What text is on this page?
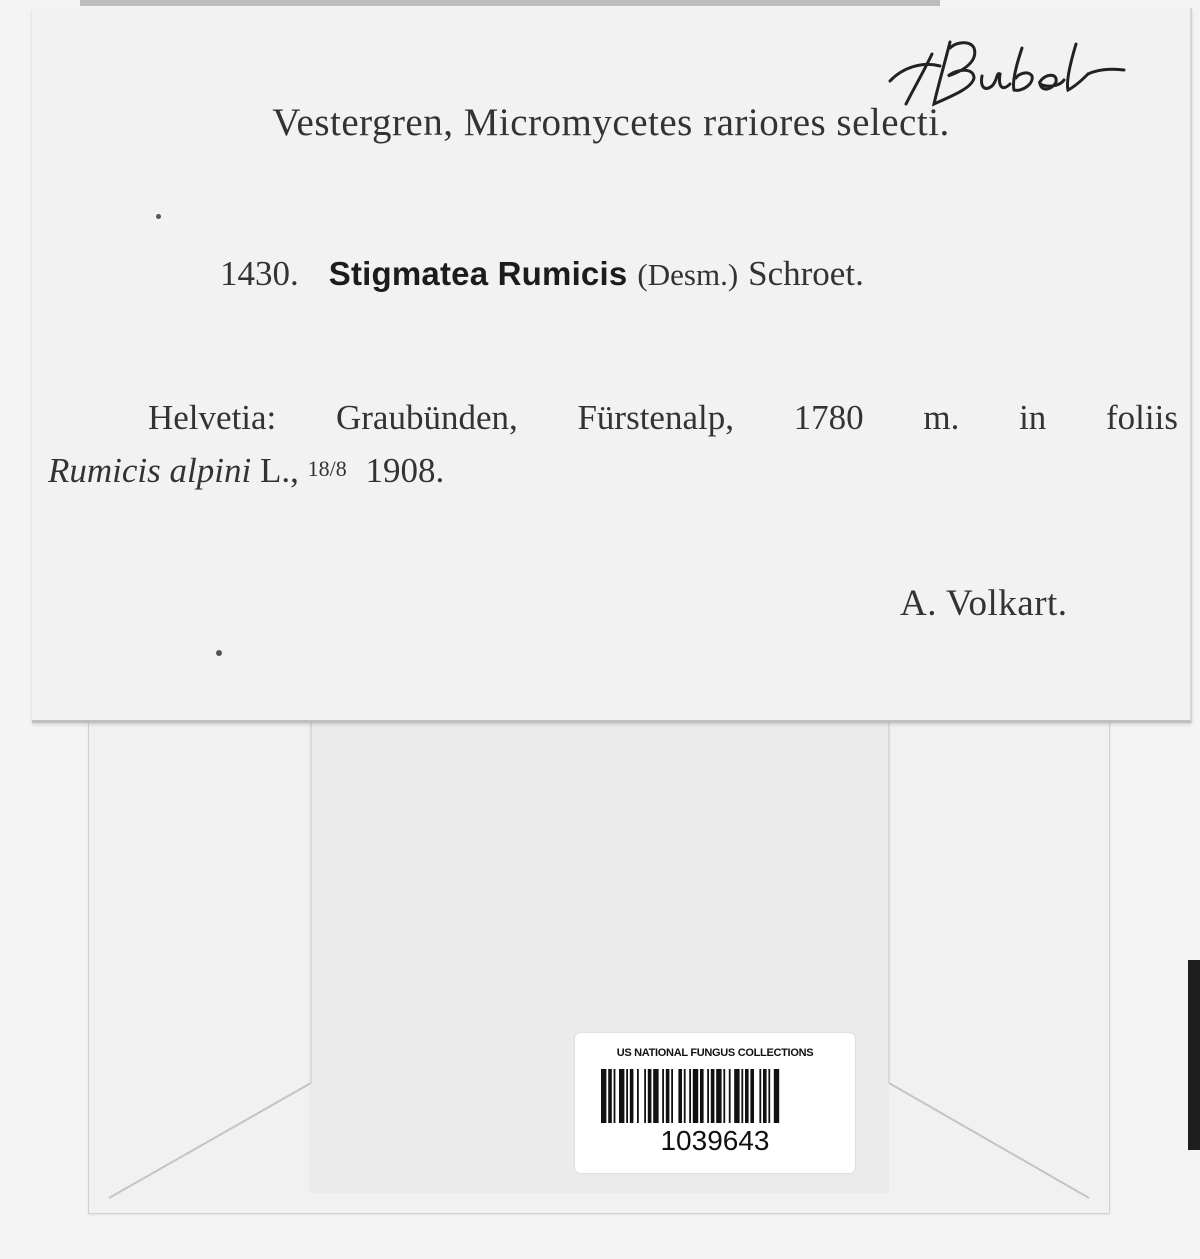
Vestergren, Micromycetes rariores selecti.
1430. Stigmatea Rumicis (Desm.) Schroet.
Helvetia: Graubünden, Fürstenalp, 1780 m. in foliis
Rumicis alpini L., 18/8 1908.
A. Volkart.
US NATIONAL FUNGUS COLLECTIONS
1039643
